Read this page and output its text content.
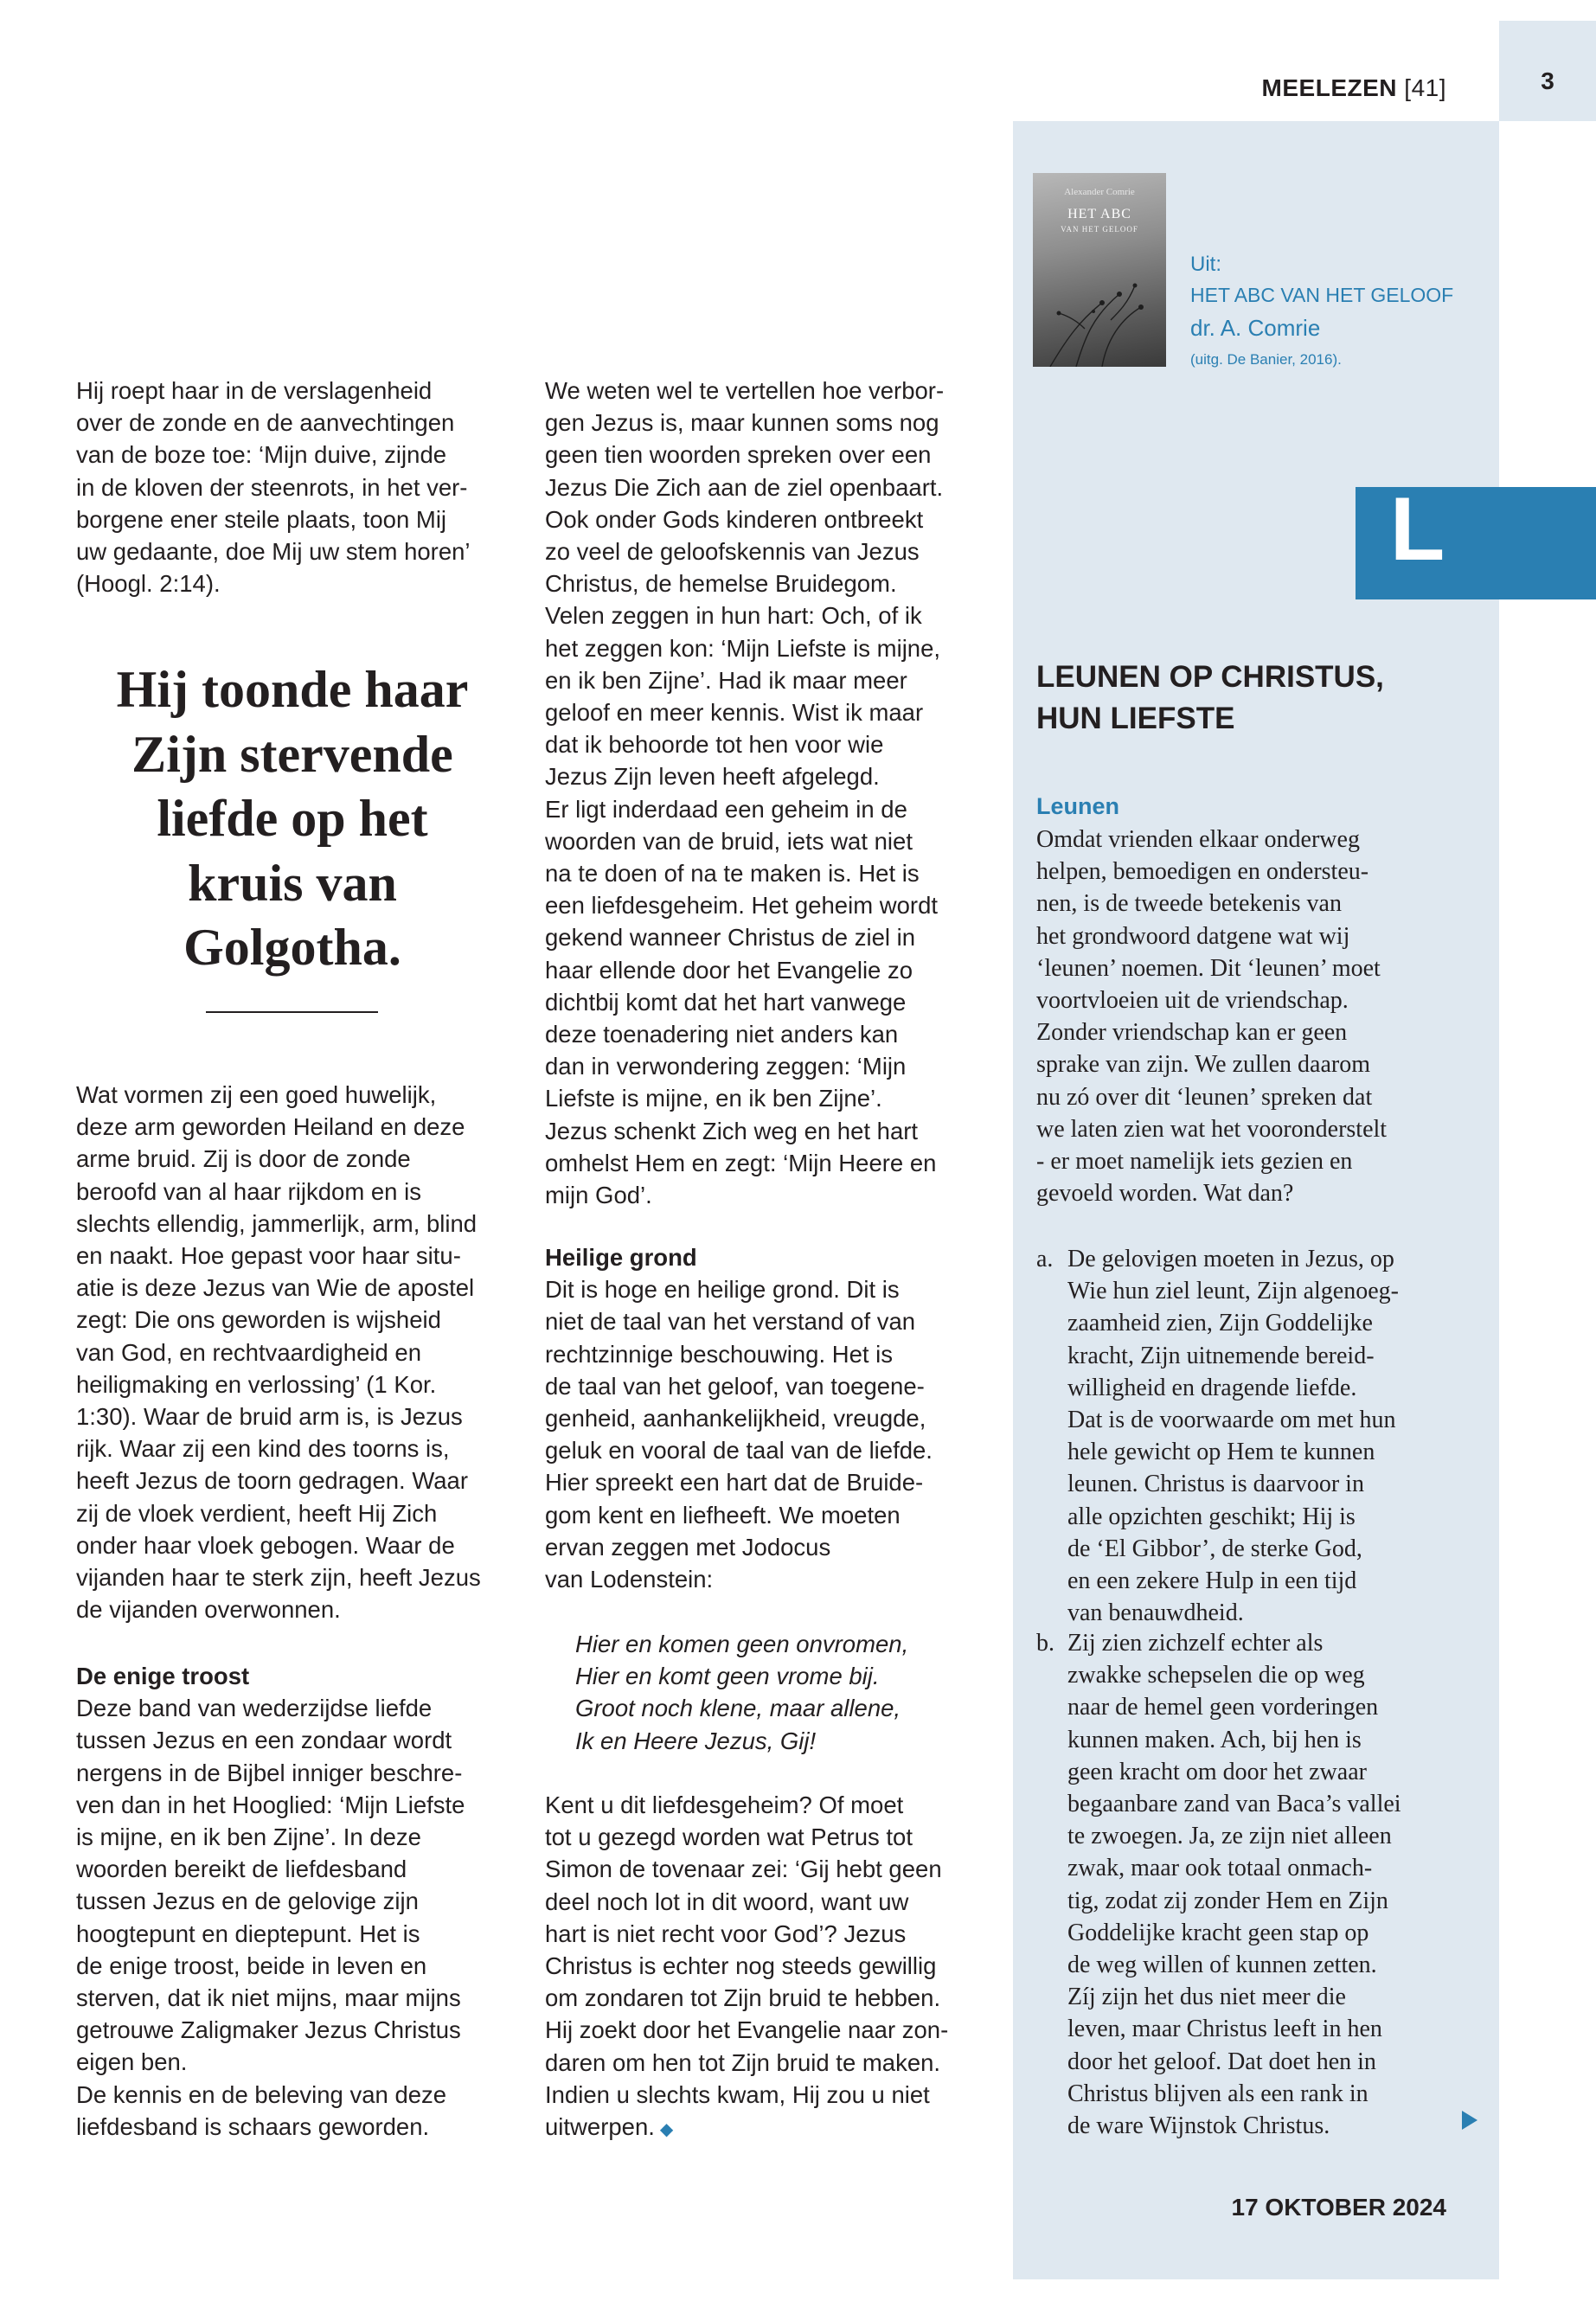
3
MEELEZEN [41]
Alexander Comrie
HET ABC
VAN HET GELOOF
Uit:
HET ABC VAN HET GELOOF
dr. A. Comrie
(uitg. De Banier, 2016).
L
LEUNEN OP CHRISTUS,
HUN LIEFSTE
Leunen
Omdat vrienden elkaar onderweg
helpen, bemoedigen en ondersteu-
nen, is de tweede betekenis van
het grondwoord datgene wat wij
‘leunen’ noemen. Dit ‘leunen’ moet
voortvloeien uit de vriendschap.
Zonder vriendschap kan er geen
sprake van zijn. We zullen daarom
nu zó over dit ‘leunen’ spreken dat
we laten zien wat het vooronderstelt
- er moet namelijk iets gezien en
gevoeld worden. Wat dan?
a. De gelovigen moeten in Jezus, op
Wie hun ziel leunt, Zijn algenoeg-
zaamheid zien, Zijn Goddelijke
kracht, Zijn uitnemende bereid-
willigheid en dragende liefde.
Dat is de voorwaarde om met hun
hele gewicht op Hem te kunnen
leunen. Christus is daarvoor in
alle opzichten geschikt; Hij is
de ‘El Gibbor’, de sterke God,
en een zekere Hulp in een tijd
van benauwdheid.
b. Zij zien zichzelf echter als
zwakke schepselen die op weg
naar de hemel geen vorderingen
kunnen maken. Ach, bij hen is
geen kracht om door het zwaar
begaanbare zand van Baca’s vallei
te zwoegen. Ja, ze zijn niet alleen
zwak, maar ook totaal onmach-
tig, zodat zij zonder Hem en Zijn
Goddelijke kracht geen stap op
de weg willen of kunnen zetten.
Zíj zijn het dus niet meer die
leven, maar Christus leeft in hen
door het geloof. Dat doet hen in
Christus blijven als een rank in
de ware Wijnstok Christus.
17 OKTOBER 2024
Hij roept haar in de verslagenheid
over de zonde en de aanvechtingen
van de boze toe: ‘Mijn duive, zijnde
in de kloven der steenrots, in het ver-
borgene ener steile plaats, toon Mij
uw gedaante, doe Mij uw stem horen’
(Hoogl. 2:14).
Hij toonde haar
Zijn stervende
liefde op het
kruis van
Golgotha.
Wat vormen zij een goed huwelijk,
deze arm geworden Heiland en deze
arme bruid. Zij is door de zonde
beroofd van al haar rijkdom en is
slechts ellendig, jammerlijk, arm, blind
en naakt. Hoe gepast voor haar situ-
atie is deze Jezus van Wie de apostel
zegt: Die ons geworden is wijsheid
van God, en rechtvaardigheid en
heiligmaking en verlossing’ (1 Kor.
1:30). Waar de bruid arm is, is Jezus
rijk. Waar zij een kind des toorns is,
heeft Jezus de toorn gedragen. Waar
zij de vloek verdient, heeft Hij Zich
onder haar vloek gebogen. Waar de
vijanden haar te sterk zijn, heeft Jezus
de vijanden overwonnen.
De enige troost
Deze band van wederzijdse liefde
tussen Jezus en een zondaar wordt
nergens in de Bijbel inniger beschre-
ven dan in het Hooglied: ‘Mijn Liefste
is mijne, en ik ben Zijne’. In deze
woorden bereikt de liefdesband
tussen Jezus en de gelovige zijn
hoogtepunt en dieptepunt. Het is
de enige troost, beide in leven en
sterven, dat ik niet mijns, maar mijns
getrouwe Zaligmaker Jezus Christus
eigen ben.
De kennis en de beleving van deze
liefdesband is schaars geworden.
We weten wel te vertellen hoe verbor-
gen Jezus is, maar kunnen soms nog
geen tien woorden spreken over een
Jezus Die Zich aan de ziel openbaart.
Ook onder Gods kinderen ontbreekt
zo veel de geloofskennis van Jezus
Christus, de hemelse Bruidegom.
Velen zeggen in hun hart: Och, of ik
het zeggen kon: ‘Mijn Liefste is mijne,
en ik ben Zijne’. Had ik maar meer
geloof en meer kennis. Wist ik maar
dat ik behoorde tot hen voor wie
Jezus Zijn leven heeft afgelegd.
Er ligt inderdaad een geheim in de
woorden van de bruid, iets wat niet
na te doen of na te maken is. Het is
een liefdesgeheim. Het geheim wordt
gekend wanneer Christus de ziel in
haar ellende door het Evangelie zo
dichtbij komt dat het hart vanwege
deze toenadering niet anders kan
dan in verwondering zeggen: ‘Mijn
Liefste is mijne, en ik ben Zijne’.
Jezus schenkt Zich weg en het hart
omhelst Hem en zegt: ‘Mijn Heere en
mijn God’.
Heilige grond
Dit is hoge en heilige grond. Dit is
niet de taal van het verstand of van
rechtzinnige beschouwing. Het is
de taal van het geloof, van toegene-
genheid, aanhankelijkheid, vreugde,
geluk en vooral de taal van de liefde.
Hier spreekt een hart dat de Bruide-
gom kent en liefheeft. We moeten
ervan zeggen met Jodocus
van Lodenstein:
Hier en komen geen onvromen,
Hier en komt geen vrome bij.
Groot noch klene, maar allene,
Ik en Heere Jezus, Gij!
Kent u dit liefdesgeheim? Of moet
tot u gezegd worden wat Petrus tot
Simon de tovenaar zei: ‘Gij hebt geen
deel noch lot in dit woord, want uw
hart is niet recht voor God’? Jezus
Christus is echter nog steeds gewillig
om zondaren tot Zijn bruid te hebben.
Hij zoekt door het Evangelie naar zon-
daren om hen tot Zijn bruid te maken.
Indien u slechts kwam, Hij zou u niet
uitwerpen. ◆
